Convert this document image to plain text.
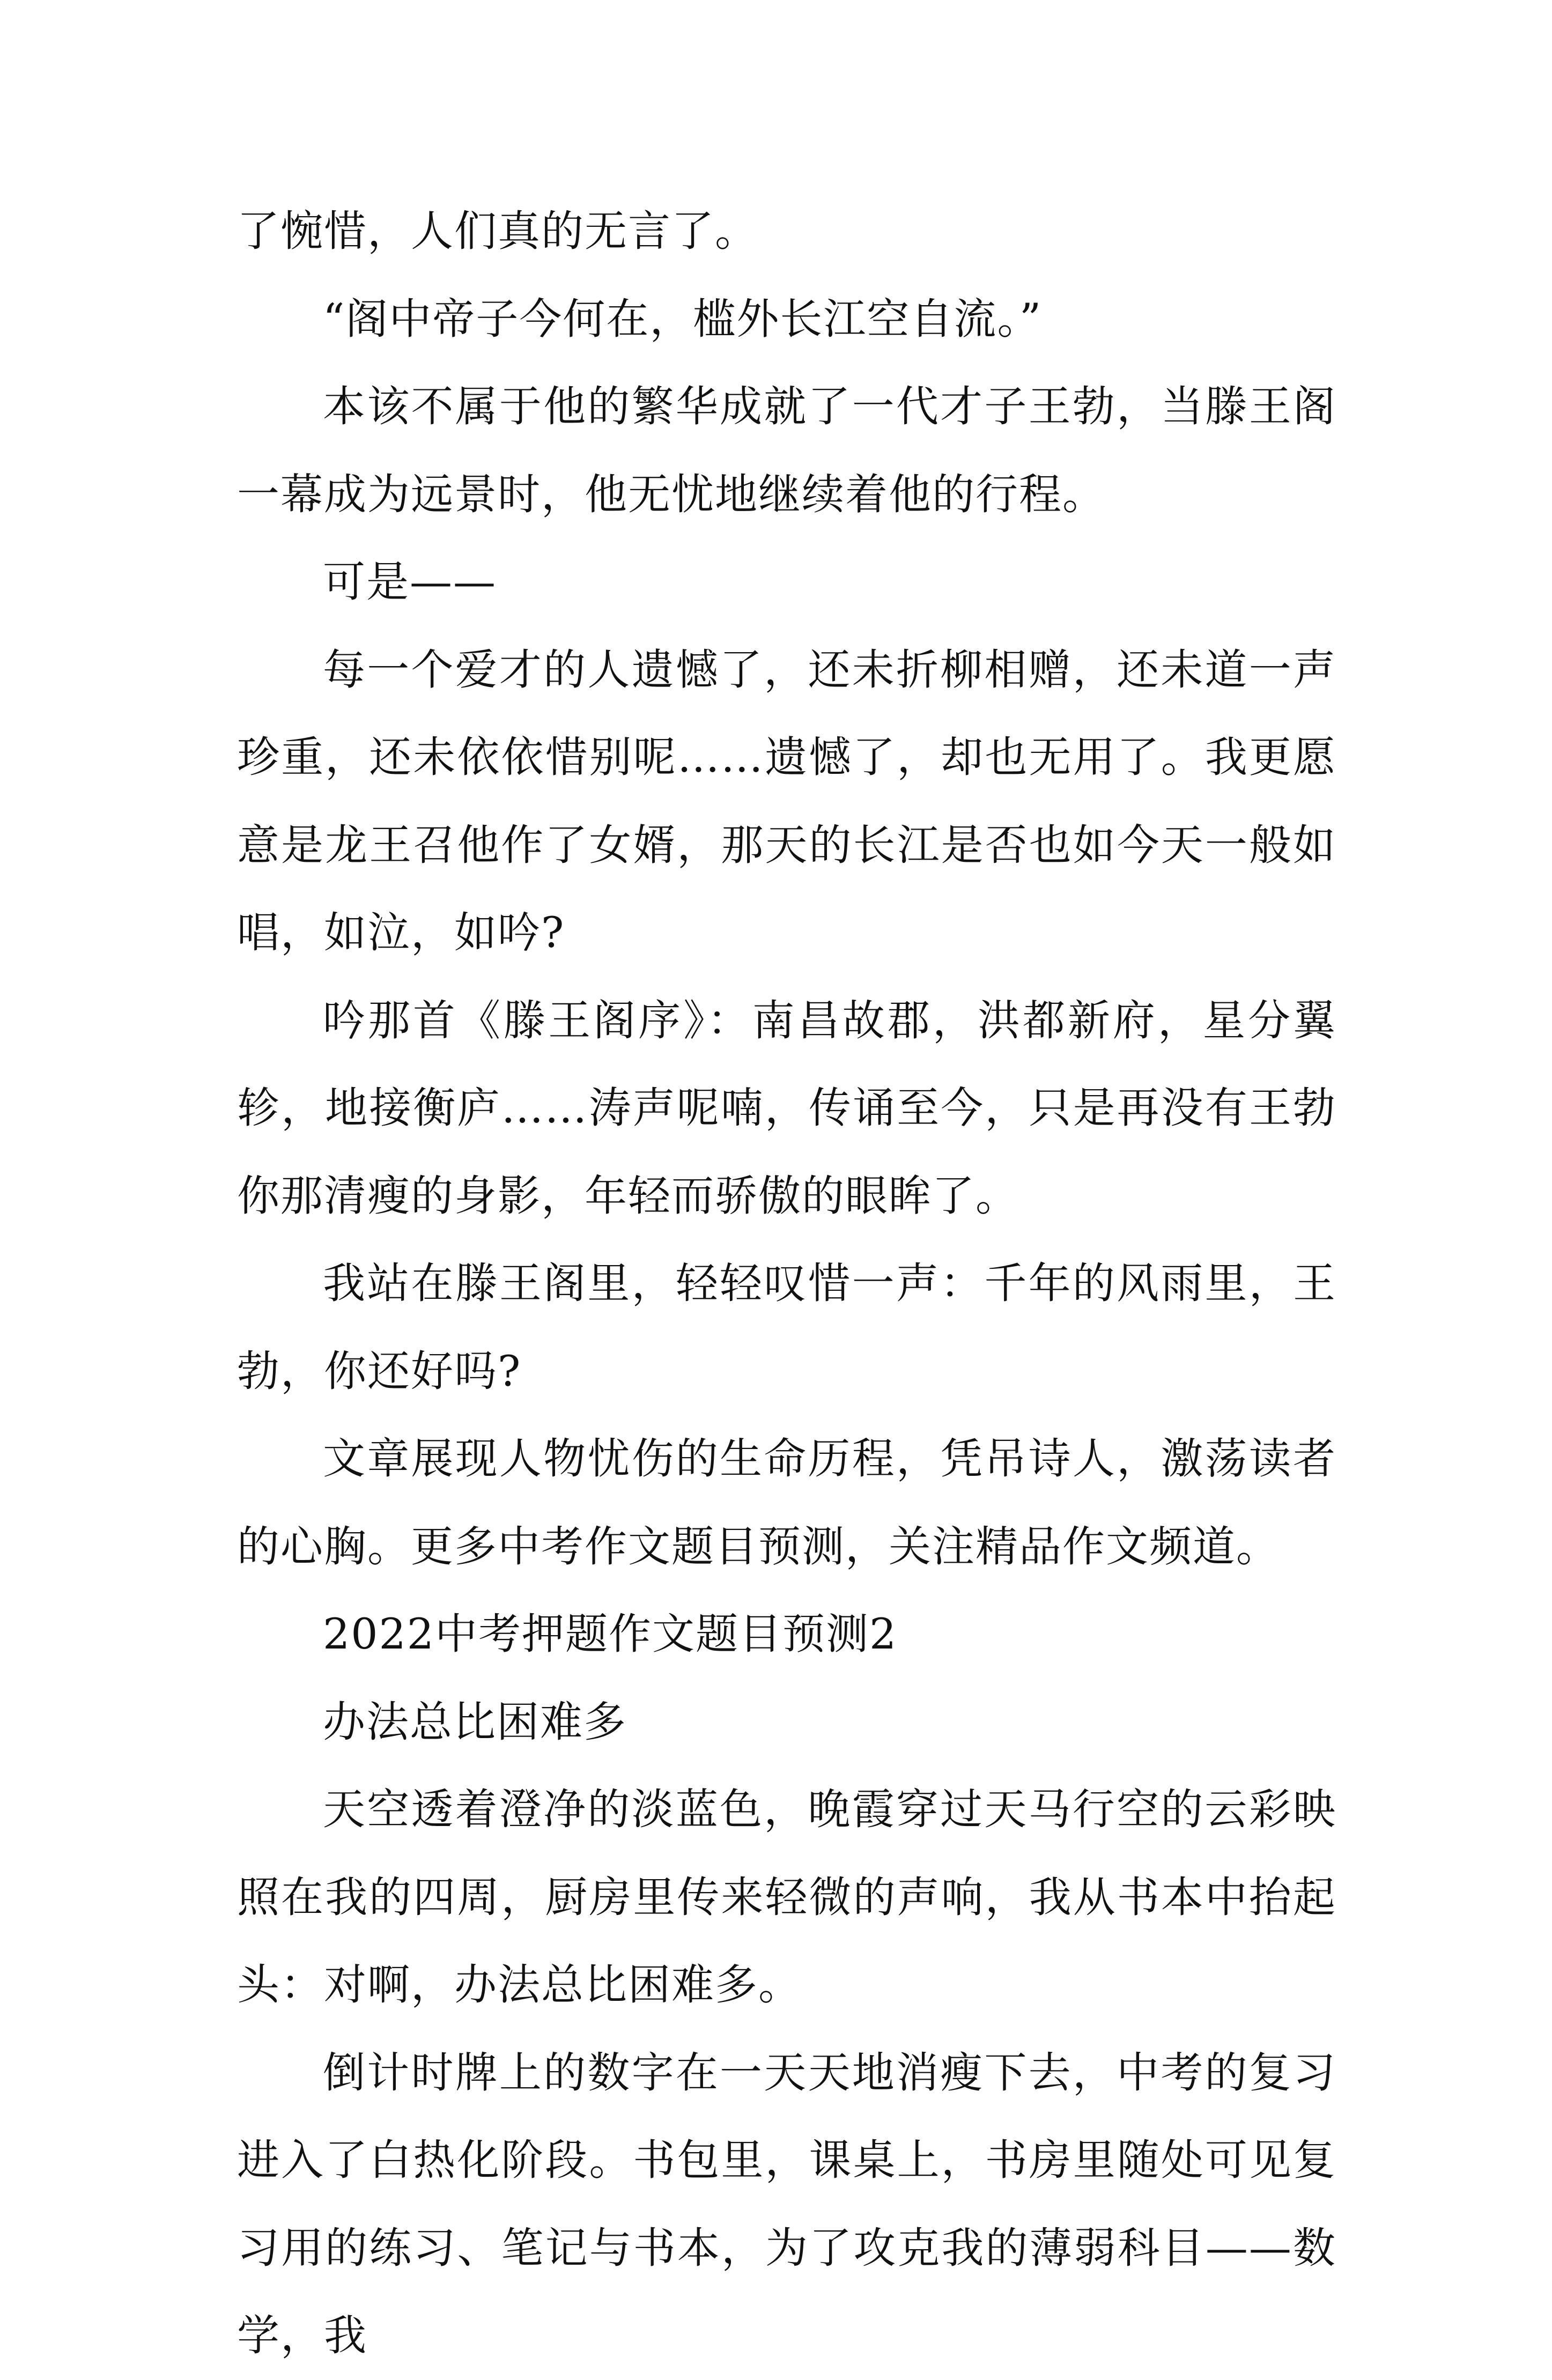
了惋惜，人们真的无言了。

“阁中帝子今何在，槛外长江空自流。”

本该不属于他的繁华成就了一代才子王勃，当滕王阁一幕成为远景时，他无忧地继续着他的行程。

可是——

每一个爱才的人遗憾了，还未折柳相赠，还未道一声珍重，还未依依惜别呢……遗憾了，却也无用了。我更愿意是龙王召他作了女婿，那天的长江是否也如今天一般如唱，如泣，如吟?

吟那首《滕王阁序》：南昌故郡，洪都新府，星分翼轸，地接衡庐……涛声呢喃，传诵至今，只是再没有王勃你那清瘦的身影，年轻而骄傲的眼眸了。

我站在滕王阁里，轻轻叹惜一声：千年的风雨里，王勃，你还好吗?

文章展现人物忧伤的生命历程，凭吊诗人，激荡读者的心胸。更多中考作文题目预测，关注精品作文频道。

2022中考押题作文题目预测2

办法总比困难多

天空透着澄净的淡蓝色，晚霞穿过天马行空的云彩映照在我的四周，厨房里传来轻微的声响，我从书本中抬起头：对啊，办法总比困难多。

倒计时牌上的数字在一天天地消瘦下去，中考的复习进入了白热化阶段。书包里，课桌上，书房里随处可见复习用的练习、笔记与书本，为了攻克我的薄弱科目——数学，我
